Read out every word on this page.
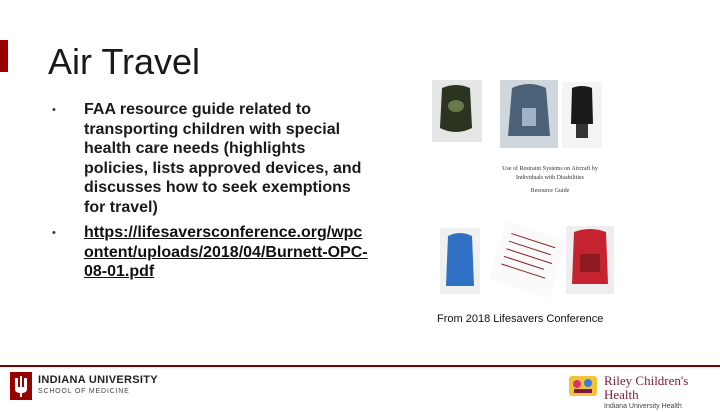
Air Travel
•	FAA resource guide related to transporting children with special health care needs (highlights policies, lists approved devices, and discusses how to seek exemptions for travel)
•	https://lifesaversconference.org/wpcontent/uploads/2018/04/Burnett-OPC-08-01.pdf
Use of Restraint Systems on Aircraft by
Individuals with Disabilities
Resource Guide
From 2018 Lifesavers Conference
INDIANA UNIVERSITY
SCHOOL OF MEDICINE
Riley Children's Health
Indiana University Health
